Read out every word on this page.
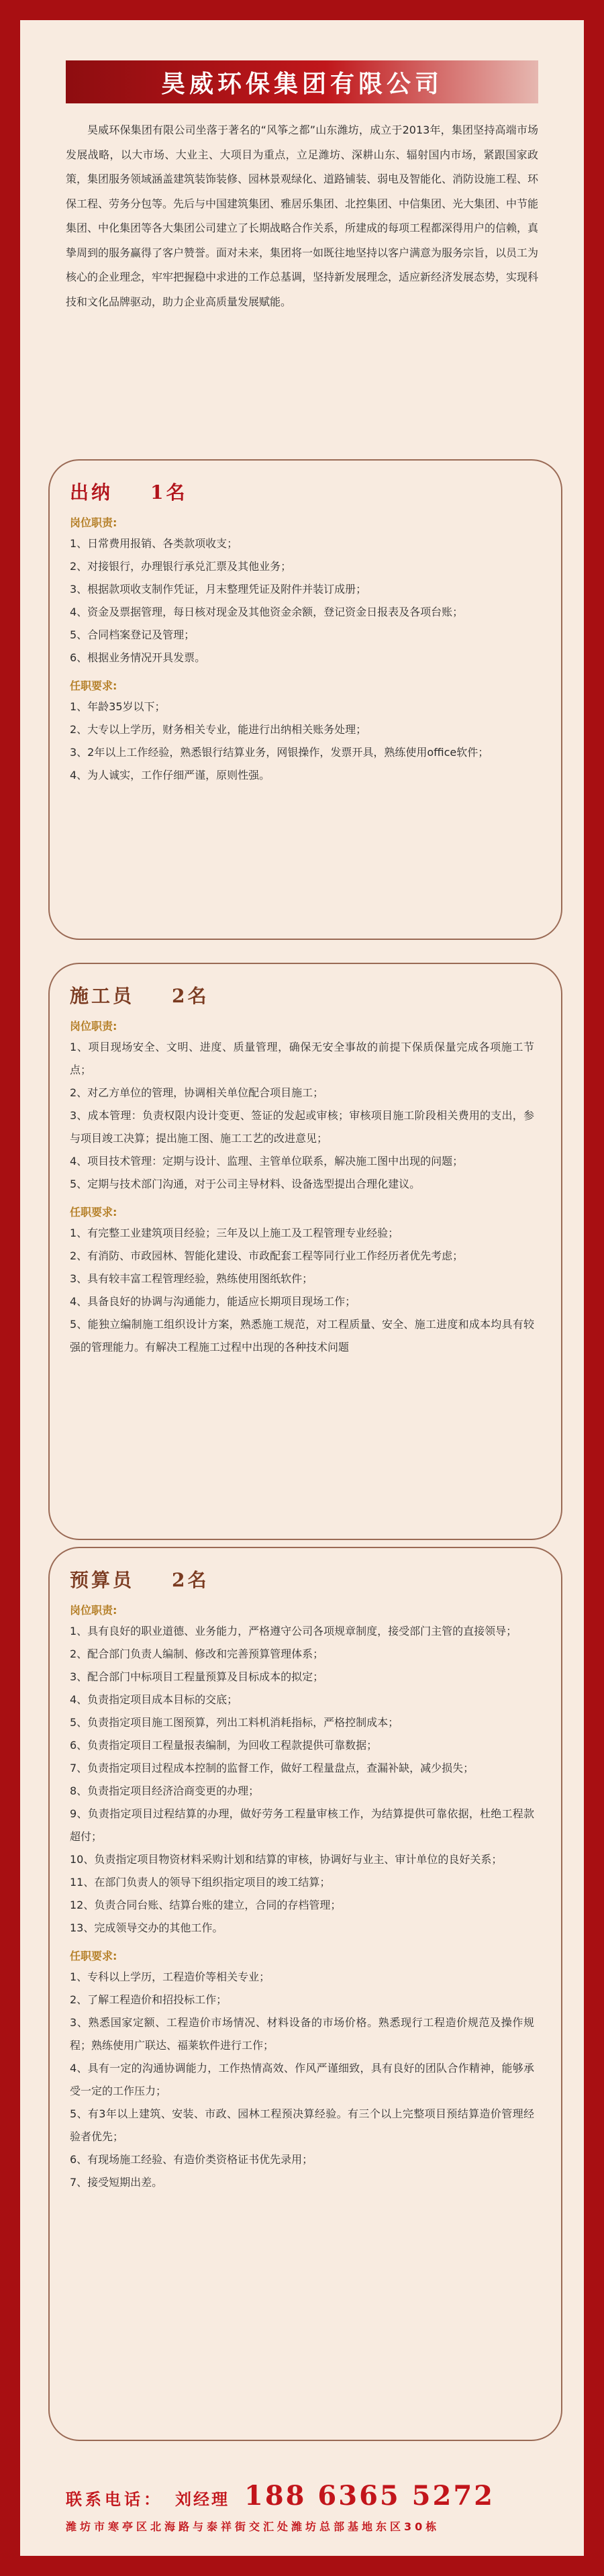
昊威环保集团有限公司

昊威环保集团有限公司坐落于著名的“风筝之都”山东潍坊，成立于2013年，集团坚持高端市场发展战略，以大市场、大业主、大项目为重点，立足潍坊、深耕山东、辐射国内市场，紧跟国家政策，集团服务领域涵盖建筑装饰装修、园林景观绿化、道路铺装、弱电及智能化、消防设施工程、环保工程、劳务分包等。先后与中国建筑集团、雅居乐集团、北控集团、中信集团、光大集团、中节能集团、中化集团等各大集团公司建立了长期战略合作关系，所建成的每项工程都深得用户的信赖，真挚周到的服务赢得了客户赞誉。面对未来，集团将一如既往地坚持以客户满意为服务宗旨，以员工为核心的企业理念，牢牢把握稳中求进的工作总基调，坚持新发展理念，适应新经济发展态势，实现科技和文化品牌驱动，助力企业高质量发展赋能。

出纳 1名
岗位职责:
1、日常费用报销、各类款项收支；
2、对接银行，办理银行承兑汇票及其他业务；
3、根据款项收支制作凭证，月末整理凭证及附件并装订成册；
4、资金及票据管理，每日核对现金及其他资金余额，登记资金日报表及各项台账；
5、合同档案登记及管理；
6、根据业务情况开具发票。
任职要求:
1、年龄35岁以下；
2、大专以上学历，财务相关专业，能进行出纳相关账务处理；
3、2年以上工作经验，熟悉银行结算业务，网银操作，发票开具，熟练使用office软件；
4、为人诚实，工作仔细严谨，原则性强。
施工员 2名
岗位职责:
1、项目现场安全、文明、进度、质量管理，确保无安全事故的前提下保质保量完成各项施工节点；
2、对乙方单位的管理，协调相关单位配合项目施工；
3、成本管理：负责权限内设计变更、签证的发起或审核；审核项目施工阶段相关费用的支出，参与项目竣工决算；提出施工图、施工工艺的改进意见；
4、项目技术管理：定期与设计、监理、主管单位联系，解决施工图中出现的问题；
5、定期与技术部门沟通，对于公司主导材料、设备选型提出合理化建议。
任职要求:
1、有完整工业建筑项目经验；三年及以上施工及工程管理专业经验；
2、有消防、市政园林、智能化建设、市政配套工程等同行业工作经历者优先考虑；
3、具有较丰富工程管理经验，熟练使用图纸软件；
4、具备良好的协调与沟通能力，能适应长期项目现场工作；
5、能独立编制施工组织设计方案，熟悉施工规范，对工程质量、安全、施工进度和成本均具有较强的管理能力。有解决工程施工过程中出现的各种技术问题
预算员 2名
岗位职责:
1、具有良好的职业道德、业务能力，严格遵守公司各项规章制度，接受部门主管的直接领导；
2、配合部门负责人编制、修改和完善预算管理体系；
3、配合部门中标项目工程量预算及目标成本的拟定；
4、负责指定项目成本目标的交底；
5、负责指定项目施工图预算，列出工料机消耗指标，严格控制成本；
6、负责指定项目工程量报表编制，为回收工程款提供可靠数据；
7、负责指定项目过程成本控制的监督工作，做好工程量盘点，查漏补缺，减少损失；
8、负责指定项目经济洽商变更的办理；
9、负责指定项目过程结算的办理，做好劳务工程量审核工作，为结算提供可靠依据，杜绝工程款超付；
10、负责指定项目物资材料采购计划和结算的审核，协调好与业主、审计单位的良好关系；
11、在部门负责人的领导下组织指定项目的竣工结算；
12、负责合同台账、结算台账的建立，合同的存档管理；
13、完成领导交办的其他工作。
任职要求:
1、专科以上学历，工程造价等相关专业；
2、了解工程造价和招投标工作；
3、熟悉国家定额、工程造价市场情况、材料设备的市场价格。熟悉现行工程造价规范及操作规程；熟练使用广联达、福莱软件进行工作；
4、具有一定的沟通协调能力，工作热情高效、作风严谨细致，具有良好的团队合作精神，能够承受一定的工作压力；
5、有3年以上建筑、安装、市政、园林工程预决算经验。有三个以上完整项目预结算造价管理经验者优先；
6、有现场施工经验、有造价类资格证书优先录用；
7、接受短期出差。
联系电话： 刘经理 188 6365 5272
潍坊市寒亭区北海路与泰祥街交汇处潍坊总部基地东区30栋
